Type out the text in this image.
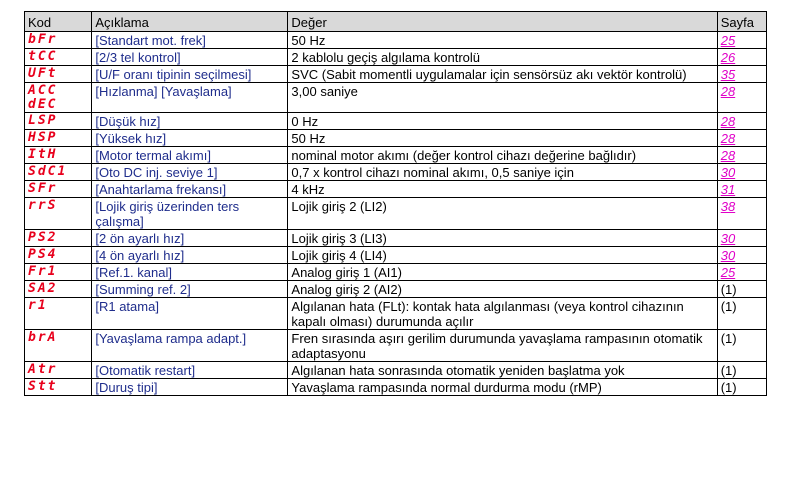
Kod	Açıklama	Değer	Sayfa

bFr	[Standart mot. frek]	50 Hz	25

tCC	[2/3 tel kontrol]	2 kablolu geçiş algılama kontrolü	26

UFt	[U/F oranı tipinin seçilmesi]	SVC (Sabit momentli uygulamalar için sensörsüz akı vektör kontrolü)	35

ACC
dEC	[Hızlanma] [Yavaşlama]	3,00 saniye	28

LSP	[Düşük hız]	0 Hz	28

HSP	[Yüksek hız]	50 Hz	28

ItH	[Motor termal akımı]	nominal motor akımı (değer kontrol cihazı değerine bağlıdır)	28

SdC1	[Oto DC inj. seviye 1]	0,7 x kontrol cihazı nominal akımı, 0,5 saniye için	30

SFr	[Anahtarlama frekansı]	4 kHz	31

rrS	[Lojik giriş üzerinden ters çalışma]	Lojik giriş 2 (LI2)	38

PS2	[2 ön ayarlı hız]	Lojik giriş 3 (LI3)	30

PS4	[4 ön ayarlı hız]	Lojik giriş 4 (LI4)	30

Fr1	[Ref.1. kanal]	Analog giriş 1 (AI1)	25

SA2	[Summing ref. 2]	Analog giriş 2 (AI2)	(1)

r1	[R1 atama]	Algılanan hata (FLt): kontak hata algılanması (veya kontrol cihazının kapalı olması) durumunda açılır	(1)

brA	[Yavaşlama rampa adapt.]	Fren sırasında aşırı gerilim durumunda yavaşlama rampasının otomatik adaptasyonu	(1)

Atr	[Otomatik restart]	Algılanan hata sonrasında otomatik yeniden başlatma yok	(1)

Stt	[Duruş tipi]	Yavaşlama rampasında normal durdurma modu (rMP)	(1)
